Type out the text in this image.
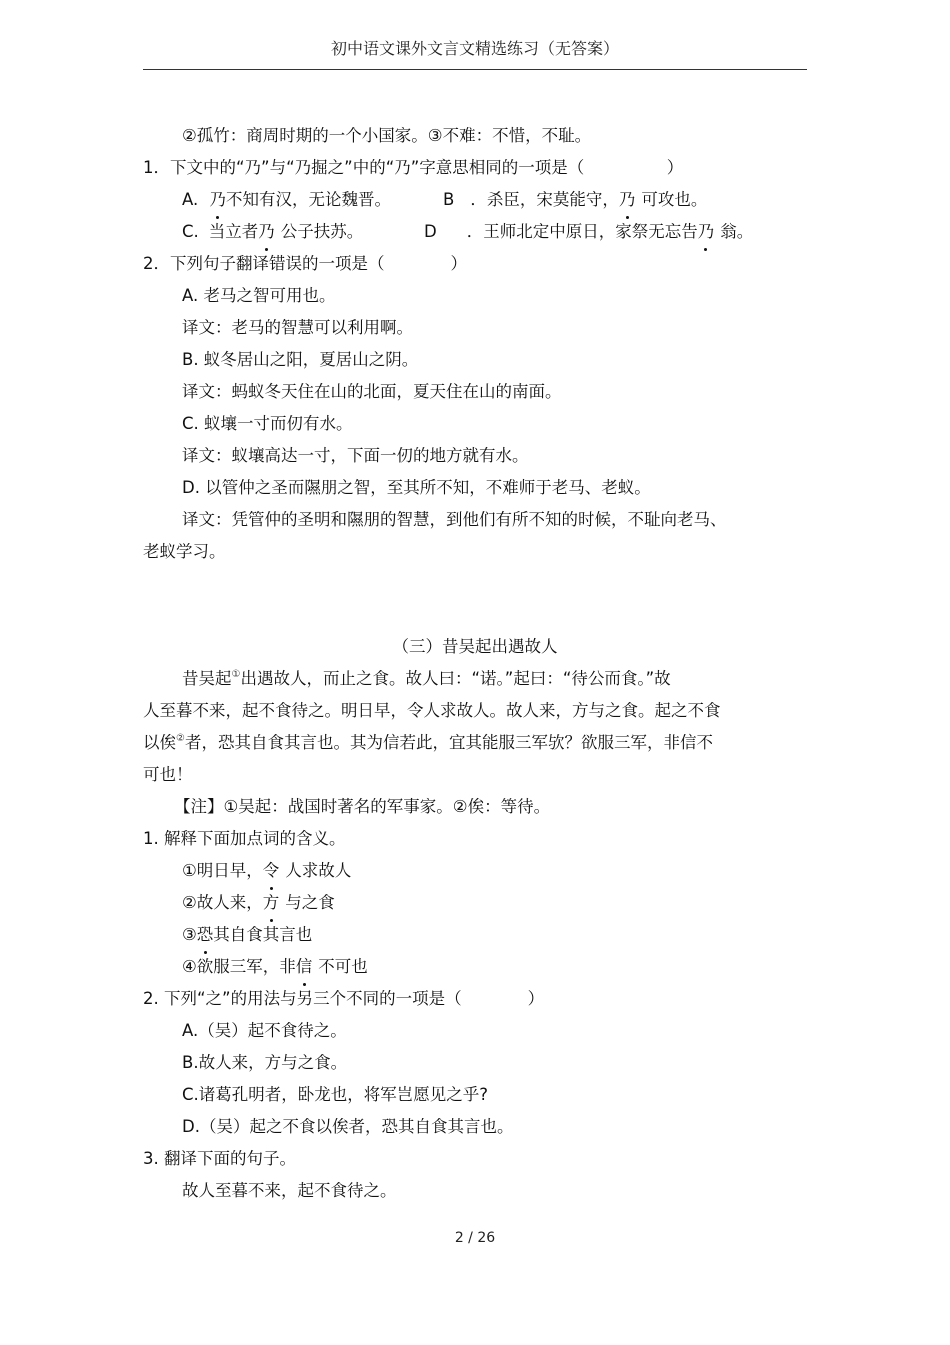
初中语文课外文言文精选练习（无答案）
②孤竹：商周时期的一个小国家。③不难：不惜，不耻。
1．下文中的“乃”与“乃掘之”中的“乃”字意思相同的一项是（　　　　　）
A. 乃不知有汉，无论魏晋。	B ．杀臣，宋莫能守，乃 可攻也。
C. 当立者乃 公子扶苏。	D ．王师北定中原日，家祭无忘告乃 翁。
2．下列句子翻译错误的一项是（　　　　）
A. 老马之智可用也。
译文：老马的智慧可以利用啊。
B. 蚁冬居山之阳，夏居山之阴。
译文：蚂蚁冬天住在山的北面，夏天住在山的南面。
C. 蚁壤一寸而仞有水。
译文：蚁壤高达一寸，下面一仞的地方就有水。
D. 以管仲之圣而隰朋之智，至其所不知，不难师于老马、老蚁。
译文：凭管仲的圣明和隰朋的智慧，到他们有所不知的时候，不耻向老马、
老蚁学习。
（三）昔吴起出遇故人
昔吴起①出遇故人，而止之食。故人曰：“诺。”起曰：“待公而食。”故
人至暮不来，起不食待之。明日早，令人求故人。故人来，方与之食。起之不食
以俟②者，恐其自食其言也。其为信若此，宜其能服三军欤？欲服三军，非信不
可也！
【注】①吴起：战国时著名的军事家。②俟：等待。
1. 解释下面加点词的含义。
①明日早，令 人求故人
②故人来，方 与之食
③恐其自食其言也
④欲服三军，非信 不可也
2. 下列“之”的用法与另三个不同的一项是（　　　　）
A.（吴）起不食待之。
B.故人来，方与之食。
C.诸葛孔明者，卧龙也，将军岂愿见之乎?
D.（吴）起之不食以俟者，恐其自食其言也。
3. 翻译下面的句子。
故人至暮不来，起不食待之。
2 / 26
